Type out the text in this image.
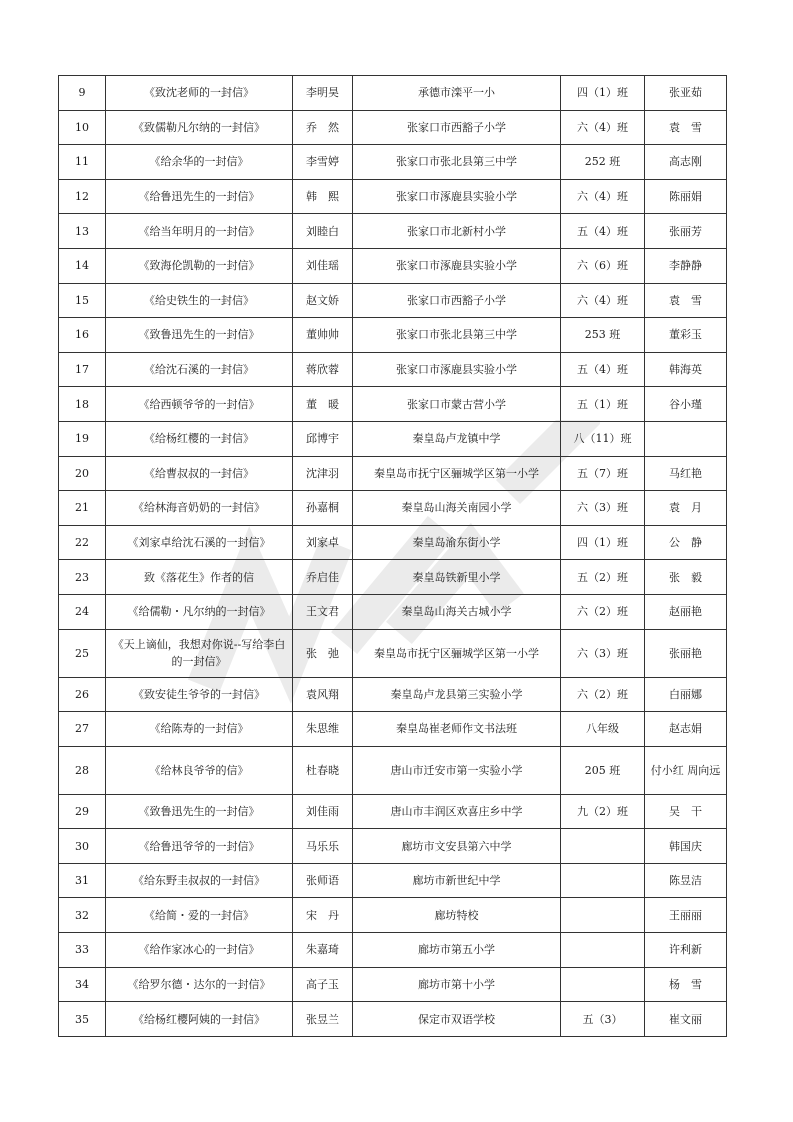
9	《致沈老师的一封信》	李明昊	承德市滦平一小	四（1）班	张亚茹
10	《致儒勒凡尔纳的一封信》	乔　然	张家口市西豁子小学	六（4）班	袁　雪
11	《给余华的一封信》	李雪婷	张家口市张北县第三中学	252 班	高志刚
12	《给鲁迅先生的一封信》	韩　熙	张家口市涿鹿县实验小学	六（4）班	陈丽娟
13	《给当年明月的一封信》	刘睦白	张家口市北新村小学	五（4）班	张丽芳
14	《致海伦凯勒的一封信》	刘佳瑶	张家口市涿鹿县实验小学	六（6）班	李静静
15	《给史铁生的一封信》	赵文娇	张家口市西豁子小学	六（4）班	袁　雪
16	《致鲁迅先生的一封信》	董帅帅	张家口市张北县第三中学	253 班	董彩玉
17	《给沈石溪的一封信》	蒋欣蓉	张家口市涿鹿县实验小学	五（4）班	韩海英
18	《给西顿爷爷的一封信》	董　暖	张家口市蒙古营小学	五（1）班	谷小瑾
19	《给杨红樱的一封信》	邱博宇	秦皇岛卢龙镇中学	八（11）班	
20	《给曹叔叔的一封信》	沈津羽	秦皇岛市抚宁区骊城学区第一小学	五（7）班	马红艳
21	《给林海音奶奶的一封信》	孙嘉桐	秦皇岛山海关南园小学	六（3）班	袁　月
22	《刘家卓给沈石溪的一封信》	刘家卓	秦皇岛渝东街小学	四（1）班	公　静
23	致《落花生》作者的信	乔启佳	秦皇岛铁新里小学	五（2）班	张　毅
24	《给儒勒・凡尔纳的一封信》	王文君	秦皇岛山海关古城小学	六（2）班	赵丽艳
25	《天上谪仙，我想对你说--写给李白的一封信》	张　弛	秦皇岛市抚宁区骊城学区第一小学	六（3）班	张丽艳
26	《致安徒生爷爷的一封信》	袁风翔	秦皇岛卢龙县第三实验小学	六（2）班	白丽娜
27	《给陈寿的一封信》	朱思维	秦皇岛崔老师作文书法班	八年级	赵志娟
28	《给林良爷爷的信》	杜春晓	唐山市迁安市第一实验小学	205 班	付小红 周向远
29	《致鲁迅先生的一封信》	刘佳雨	唐山市丰润区欢喜庄乡中学	九（2）班	吴　干
30	《给鲁迅爷爷的一封信》	马乐乐	廊坊市文安县第六中学		韩国庆
31	《给东野圭叔叔的一封信》	张师语	廊坊市新世纪中学		陈昱洁
32	《给简・爱的一封信》	宋　丹	廊坊特校		王丽丽
33	《给作家冰心的一封信》	朱嘉琦	廊坊市第五小学		许利新
34	《给罗尔德・达尔的一封信》	高子玉	廊坊市第十小学		杨　雪
35	《给杨红樱阿姨的一封信》	张昱兰	保定市双语学校	五（3）	崔文丽
